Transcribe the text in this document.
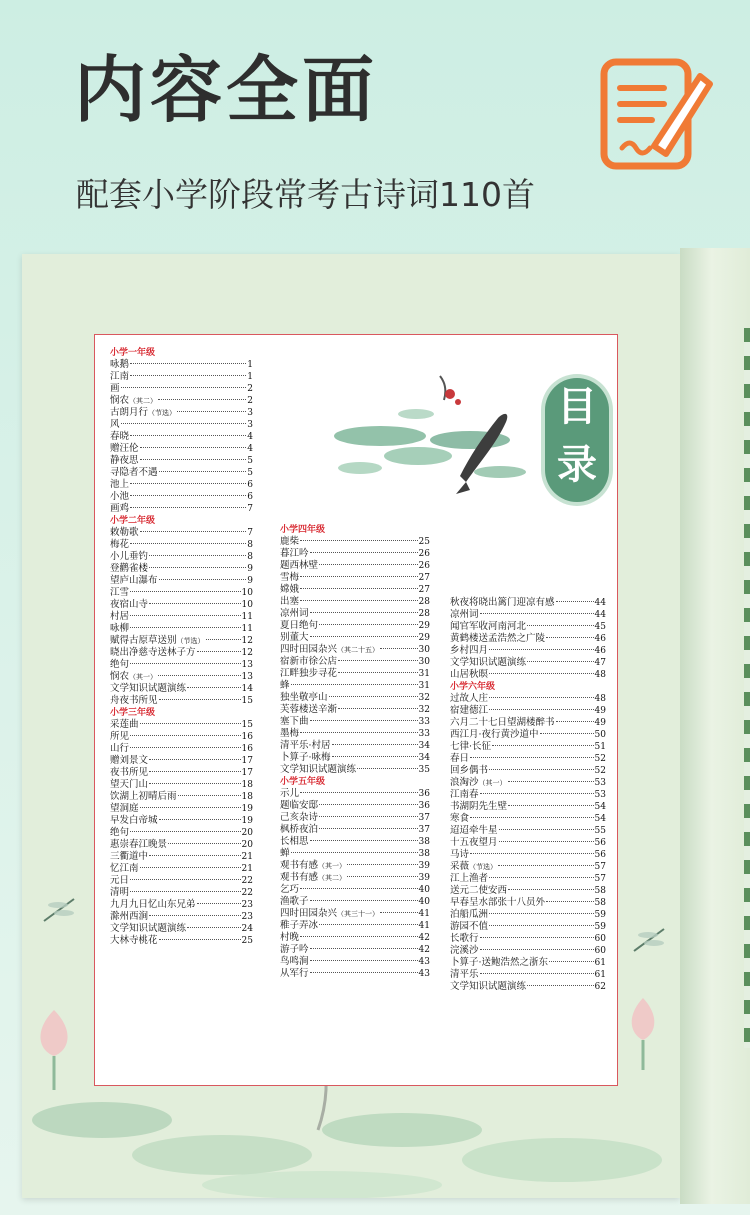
内容全面
配套小学阶段常考古诗词110首
目
录
小学一年级
咏鹅	1
江南	1
画	2
悯农 （其二）	2
古朗月行 （节选）	3
风	3
春晓	4
赠汪伦	4
静夜思	5
寻隐者不遇	5
池上	6
小池	6
画鸡	7
小学二年级
敕勒歌	7
梅花	8
小儿垂钓	8
登鹳雀楼	9
望庐山瀑布	9
江雪	10
夜宿山寺	10
村居	11
咏柳	11
赋得古原草送别 （节选）	12
晓出净慈寺送林子方	12
绝句	13
悯农 （其一）	13
文学知识试题演练	14
舟夜书所见	15
小学三年级
采莲曲	15
所见	16
山行	16
赠刘景文	17
夜书所见	17
望天门山	18
饮湖上初晴后雨	18
望洞庭	19
早发白帝城	19
绝句	20
惠崇春江晚景	20
三衢道中	21
忆江南	21
元日	22
清明	22
九月九日忆山东兄弟	23
滁州西涧	23
文学知识试题演练	24
大林寺桃花	25
小学四年级
鹿柴	25
暮江吟	26
题西林壁	26
雪梅	27
嫦娥	27
出塞	28
凉州词	28
夏日绝句	29
别董大	29
四时田园杂兴 （其二十五）	30
宿新市徐公店	30
江畔独步寻花	31
蜂	31
独坐敬亭山	32
芙蓉楼送辛渐	32
塞下曲	33
墨梅	33
清平乐·村居	34
卜算子·咏梅	34
文学知识试题演练	35
小学五年级
示儿	36
题临安邸	36
己亥杂诗	37
枫桥夜泊	37
长相思	38
蝉	38
观书有感 （其一）	39
观书有感 （其二）	39
乞巧	40
渔歌子	40
四时田园杂兴 （其三十一）	41
稚子弄冰	41
村晚	42
游子吟	42
鸟鸣涧	43
从军行	43
秋夜将晓出篱门迎凉有感	44
凉州词	44
闻官军收河南河北	45
黄鹤楼送孟浩然之广陵	46
乡村四月	46
文学知识试题演练	47
山居秋暝	48
小学六年级
过故人庄	48
宿建德江	49
六月二十七日望湖楼醉书	49
西江月·夜行黄沙道中	50
七律·长征	51
春日	52
回乡偶书	52
浪淘沙 （其一）	53
江南春	53
书湖阴先生壁	54
寒食	54
迢迢牵牛星	55
十五夜望月	56
马诗	56
采薇 （节选）	57
江上渔者	57
送元二使安西	58
早春呈水部张十八员外	58
泊船瓜洲	59
游园不值	59
长歌行	60
浣溪沙	60
卜算子·送鲍浩然之浙东	61
清平乐	61
文学知识试题演练	62
